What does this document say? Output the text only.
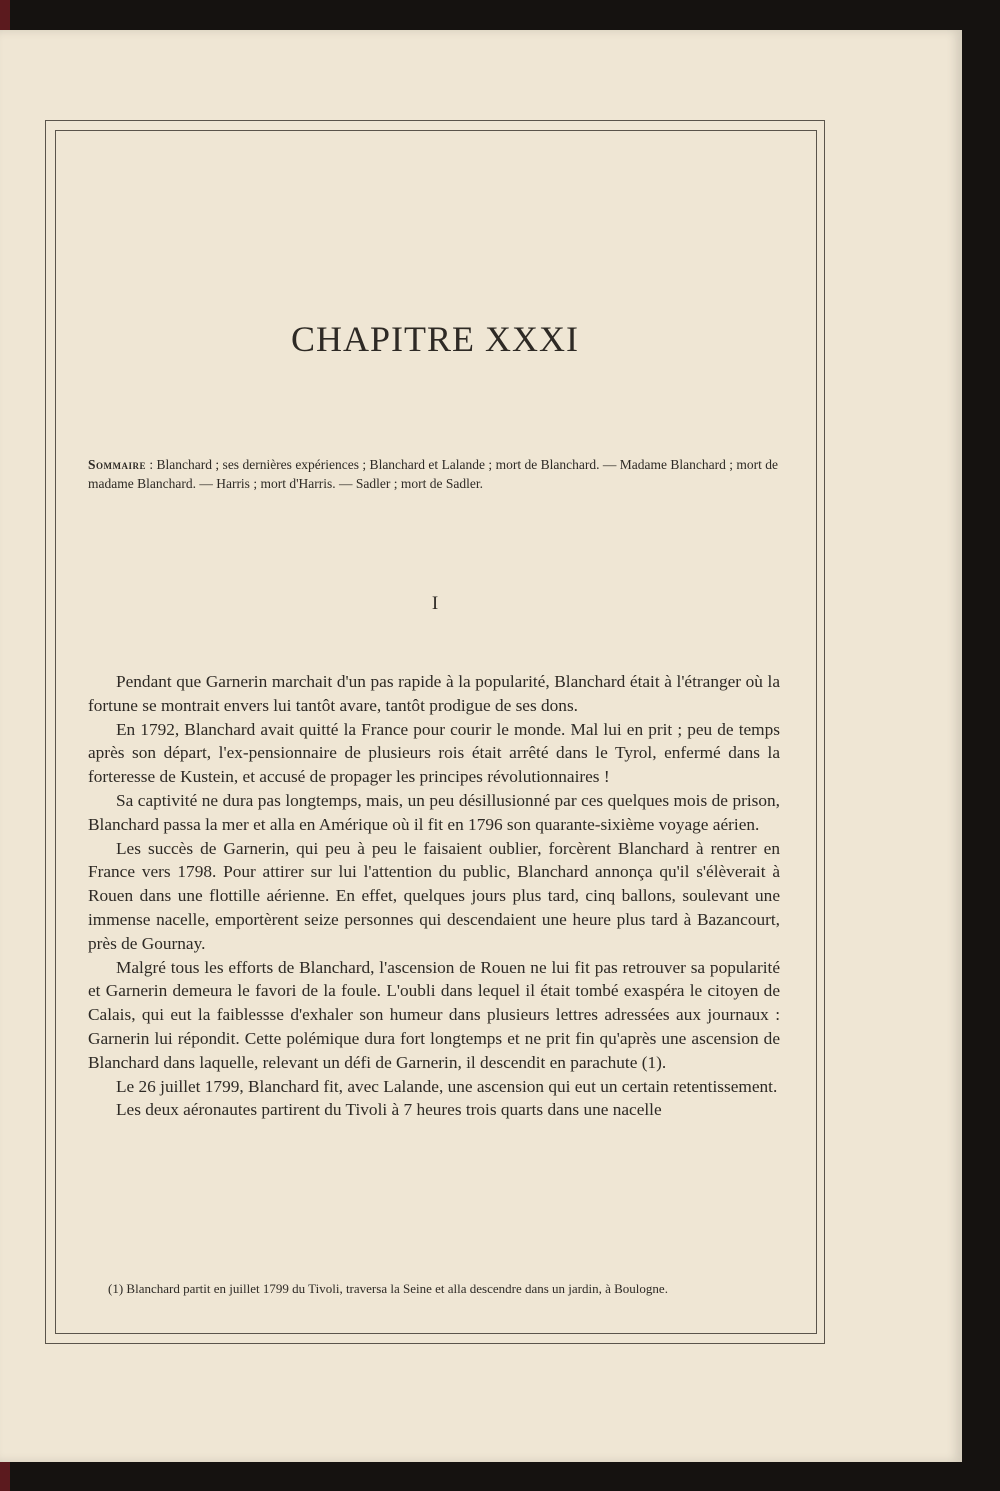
CHAPITRE XXXI
Sommaire : Blanchard ; ses dernières expériences ; Blanchard et Lalande ; mort de Blanchard. — Madame Blanchard ; mort de madame Blanchard. — Harris ; mort d'Harris. — Sadler ; mort de Sadler.
I

Pendant que Garnerin marchait d'un pas rapide à la popularité, Blanchard était à l'étranger où la fortune se montrait envers lui tantôt avare, tantôt prodigue de ses dons.

En 1792, Blanchard avait quitté la France pour courir le monde. Mal lui en prit ; peu de temps après son départ, l'ex-pensionnaire de plusieurs rois était arrêté dans le Tyrol, enfermé dans la forteresse de Kustein, et accusé de propager les principes révolutionnaires !

Sa captivité ne dura pas longtemps, mais, un peu désillusionné par ces quelques mois de prison, Blanchard passa la mer et alla en Amérique où il fit en 1796 son quarante-sixième voyage aérien.

Les succès de Garnerin, qui peu à peu le faisaient oublier, forcèrent Blanchard à rentrer en France vers 1798. Pour attirer sur lui l'attention du public, Blanchard annonça qu'il s'élèverait à Rouen dans une flottille aérienne. En effet, quelques jours plus tard, cinq ballons, soulevant une immense nacelle, emportèrent seize personnes qui descendaient une heure plus tard à Bazancourt, près de Gournay.

Malgré tous les efforts de Blanchard, l'ascension de Rouen ne lui fit pas retrouver sa popularité et Garnerin demeura le favori de la foule. L'oubli dans lequel il était tombé exaspéra le citoyen de Calais, qui eut la faiblessse d'exhaler son humeur dans plusieurs lettres adressées aux journaux : Garnerin lui répondit. Cette polémique dura fort longtemps et ne prit fin qu'après une ascension de Blanchard dans laquelle, relevant un défi de Garnerin, il descendit en parachute (1).

Le 26 juillet 1799, Blanchard fit, avec Lalande, une ascension qui eut un certain retentissement.

Les deux aéronautes partirent du Tivoli à 7 heures trois quarts dans une nacelle

(1) Blanchard partit en juillet 1799 du Tivoli, traversa la Seine et alla descendre dans un jardin, à Boulogne.
